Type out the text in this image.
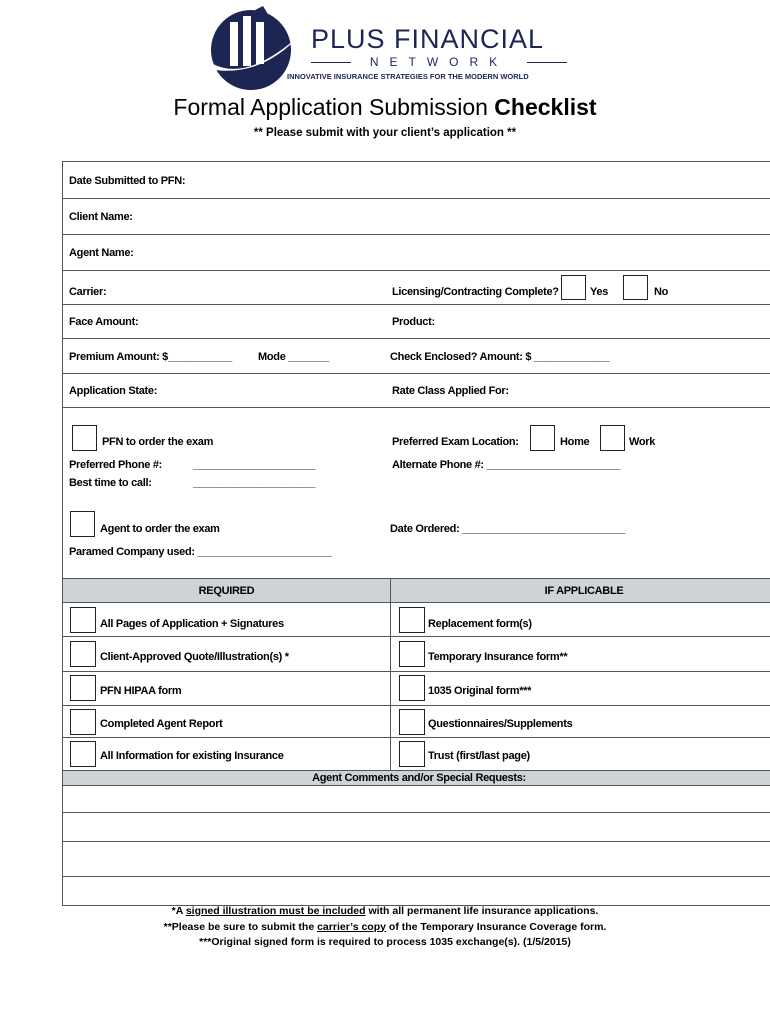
PLUS FINANCIAL
NETWORK
INNOVATIVE INSURANCE STRATEGIES FOR THE MODERN WORLD
Formal Application Submission Checklist
** Please submit with your client’s application **
Date Submitted to PFN:
Client Name:
Agent Name:
Carrier:	Licensing/Contracting Complete?	Yes	No
Face Amount:	Product:
Premium Amount: $___________ Mode _______	Check Enclosed? Amount: $ _____________
Application State:	Rate Class Applied For:
PFN to order the exam	Preferred Exam Location:	Home	Work
Preferred Phone #:	_____________________	Alternate Phone #: _______________________
Best time to call:	_____________________
Agent to order the exam	Date Ordered: ____________________________
Paramed Company used: _______________________
REQUIRED	IF APPLICABLE
All Pages of Application + Signatures	Replacement form(s)
Client-Approved Quote/Illustration(s) *	Temporary Insurance form**
PFN HIPAA form	1035 Original form***
Completed Agent Report	Questionnaires/Supplements
All Information for existing Insurance	Trust (first/last page)
Agent Comments and/or Special Requests:
*A signed illustration must be included with all permanent life insurance applications.
**Please be sure to submit the carrier’s copy of the Temporary Insurance Coverage form.
***Original signed form is required to process 1035 exchange(s). (1/5/2015)
